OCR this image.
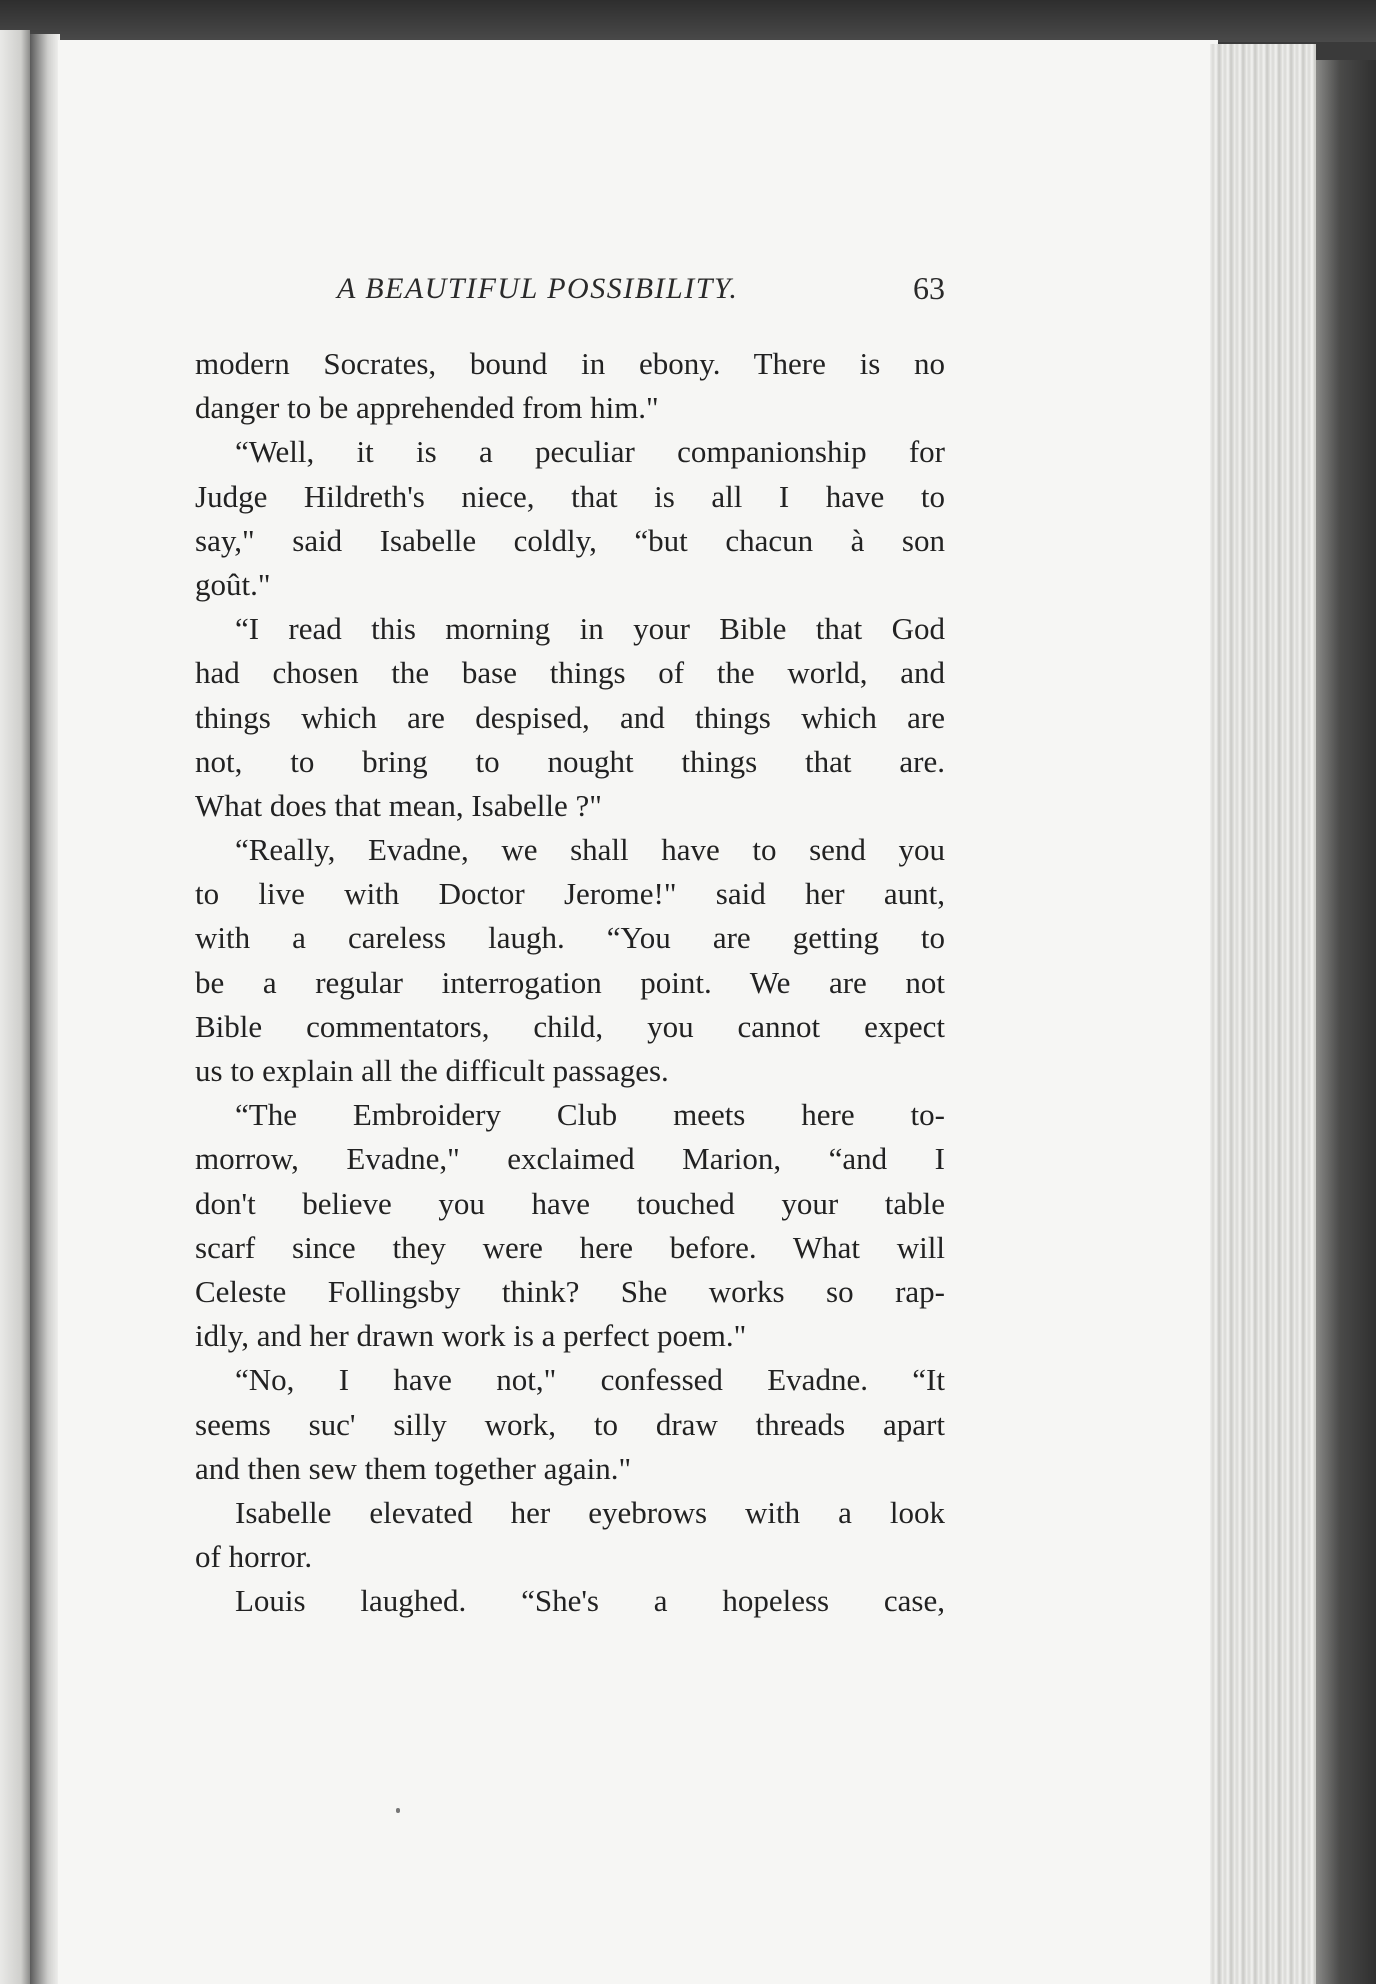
A BEAUTIFUL POSSIBILITY.	63
modern Socrates, bound in ebony. There is no
danger to be apprehended from him."
“Well, it is a peculiar companionship for
Judge Hildreth's niece, that is all I have to
say," said Isabelle coldly, “but chacun à son
goût."
“I read this morning in your Bible that God
had chosen the base things of the world, and
things which are despised, and things which are
not, to bring to nought things that are.
What does that mean, Isabelle ?"
“Really, Evadne, we shall have to send you
to live with Doctor Jerome!" said her aunt,
with a careless laugh. “You are getting to
be a regular interrogation point. We are not
Bible commentators, child, you cannot expect
us to explain all the difficult passages.
“The Embroidery Club meets here to-
morrow, Evadne," exclaimed Marion, “and I
don't believe you have touched your table
scarf since they were here before. What will
Celeste Follingsby think? She works so rap-
idly, and her drawn work is a perfect poem."
“No, I have not," confessed Evadne. “It
seems suc' silly work, to draw threads apart
and then sew them together again."
Isabelle elevated her eyebrows with a look
of horror.
Louis laughed. “She's a hopeless case,
